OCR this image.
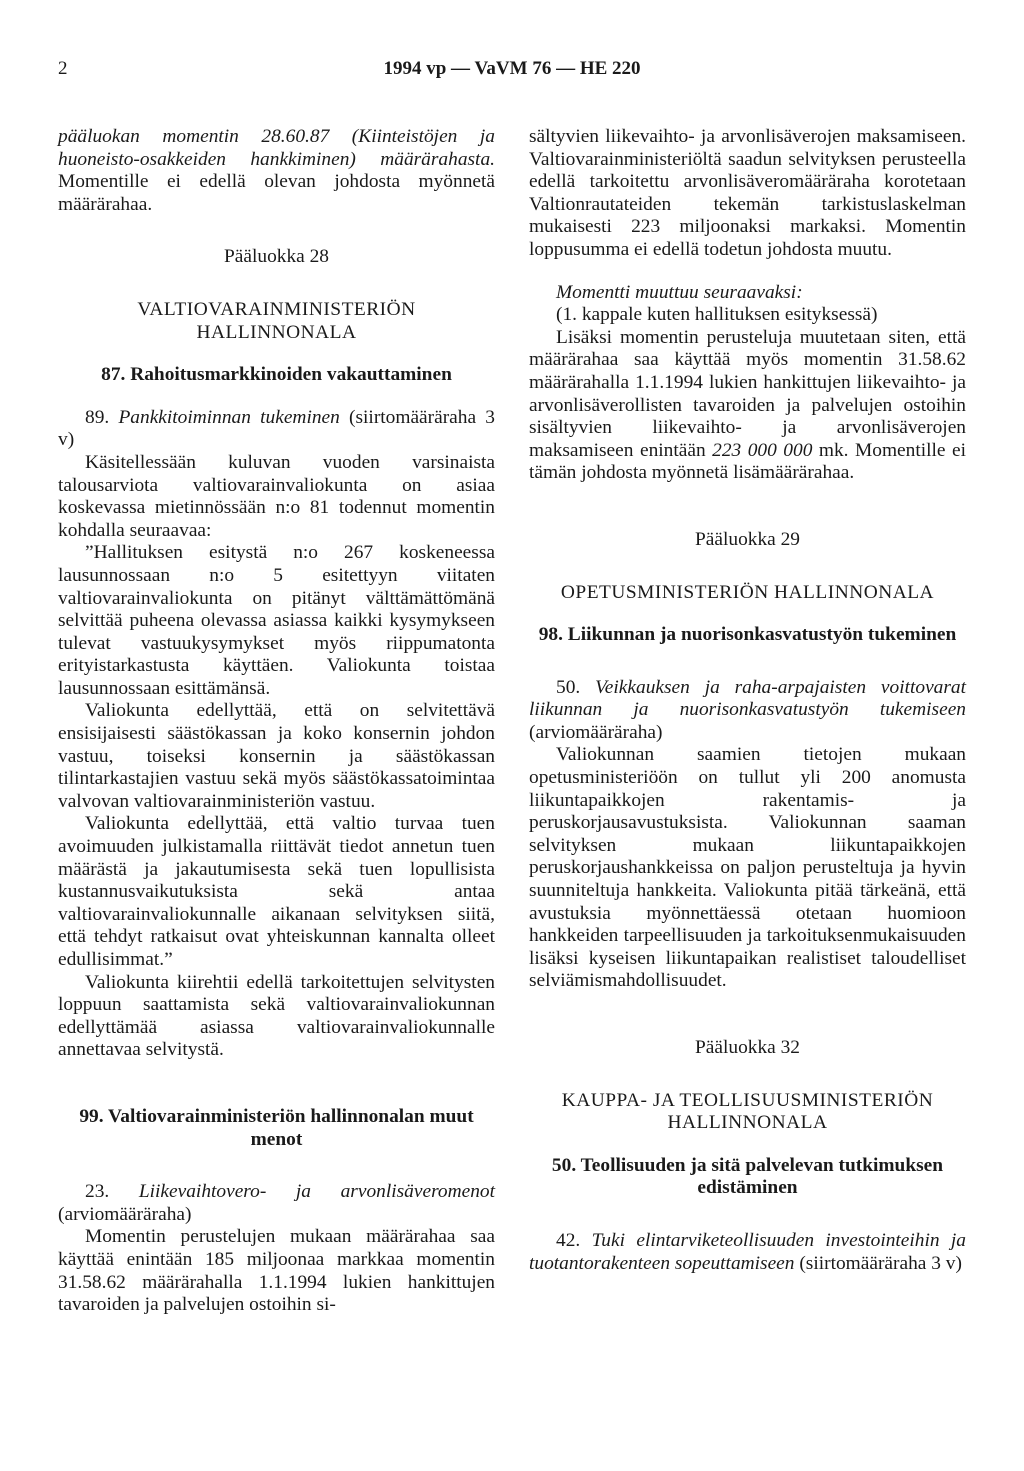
2	1994 vp — VaVM 76 — HE 220

pääluokan momentin 28.60.87 (Kiinteistöjen ja huoneisto-osakkeiden hankkiminen) määrärahasta. Momentille ei edellä olevan johdosta myönnetä määrärahaa.

Pääluokka 28
VALTIOVARAINMINISTERIÖN HALLINNONALA
87. Rahoitusmarkkinoiden vakauttaminen

89. Pankkitoiminnan tukeminen (siirtomääräraha 3 v)

Käsitellessään kuluvan vuoden varsinaista talousarviota valtiovarainvaliokunta on asiaa koskevassa mietinnössään n:o 81 todennut momentin kohdalla seuraavaa:

”Hallituksen esitystä n:o 267 koskeneessa lausunnossaan n:o 5 esitettyyn viitaten valtiovarainvaliokunta on pitänyt välttämättömänä selvittää puheena olevassa asiassa kaikki kysymykseen tulevat vastuukysymykset myös riippumatonta erityistarkastusta käyttäen. Valiokunta toistaa lausunnossaan esittämänsä.

Valiokunta edellyttää, että on selvitettävä ensisijaisesti säästökassan ja koko konsernin johdon vastuu, toiseksi konsernin ja säästökassan tilintarkastajien vastuu sekä myös säästökassatoimintaa valvovan valtiovarainministeriön vastuu.

Valiokunta edellyttää, että valtio turvaa tuen avoimuuden julkistamalla riittävät tiedot annetun tuen määrästä ja jakautumisesta sekä tuen lopullisista kustannusvaikutuksista sekä antaa valtiovarainvaliokunnalle aikanaan selvityksen siitä, että tehdyt ratkaisut ovat yhteiskunnan kannalta olleet edullisimmat.”

Valiokunta kiirehtii edellä tarkoitettujen selvitysten loppuun saattamista sekä valtiovarainvaliokunnan edellyttämää asiassa valtiovarainvaliokunnalle annettavaa selvitystä.

99. Valtiovarainministeriön hallinnonalan muut menot

23. Liikevaihtovero- ja arvonlisäveromenot (arviomääräraha)

Momentin perustelujen mukaan määrärahaa saa käyttää enintään 185 miljoonaa markkaa momentin 31.58.62 määrärahalla 1.1.1994 lukien hankittujen tavaroiden ja palvelujen ostoihin si-

sältyvien liikevaihto- ja arvonlisäverojen maksamiseen. Valtiovarainministeriöltä saadun selvityksen perusteella edellä tarkoitettu arvonlisäveromääräraha korotetaan Valtionrautateiden tekemän tarkistuslaskelman mukaisesti 223 miljoonaksi markaksi. Momentin loppusumma ei edellä todetun johdosta muutu.

Momentti muuttuu seuraavaksi:

(1. kappale kuten hallituksen esityksessä)

Lisäksi momentin perusteluja muutetaan siten, että määrärahaa saa käyttää myös momentin 31.58.62 määrärahalla 1.1.1994 lukien hankittujen liikevaihto- ja arvonlisäverollisten tavaroiden ja palvelujen ostoihin sisältyvien liikevaihto- ja arvonlisäverojen maksamiseen enintään 223 000 000 mk. Momentille ei tämän johdosta myönnetä lisämäärärahaa.

Pääluokka 29
OPETUSMINISTERIÖN HALLINNONALA
98. Liikunnan ja nuorisonkasvatustyön tukeminen

50. Veikkauksen ja raha-arpajaisten voittovarat liikunnan ja nuorisonkasvatustyön tukemiseen (arviomääräraha)

Valiokunnan saamien tietojen mukaan opetusministeriöön on tullut yli 200 anomusta liikuntapaikkojen rakentamis- ja peruskorjausavustuksista. Valiokunnan saaman selvityksen mukaan liikuntapaikkojen peruskorjaushankkeissa on paljon perusteltuja ja hyvin suunniteltuja hankkeita. Valiokunta pitää tärkeänä, että avustuksia myönnettäessä otetaan huomioon hankkeiden tarpeellisuuden ja tarkoituksenmukaisuuden lisäksi kyseisen liikuntapaikan realistiset taloudelliset selviämismahdollisuudet.

Pääluokka 32
KAUPPA- JA TEOLLISUUSMINISTERIÖN HALLINNONALA
50. Teollisuuden ja sitä palvelevan tutkimuksen edistäminen

42. Tuki elintarviketeollisuuden investointeihin ja tuotantorakenteen sopeuttamiseen (siirtomääräraha 3 v)
